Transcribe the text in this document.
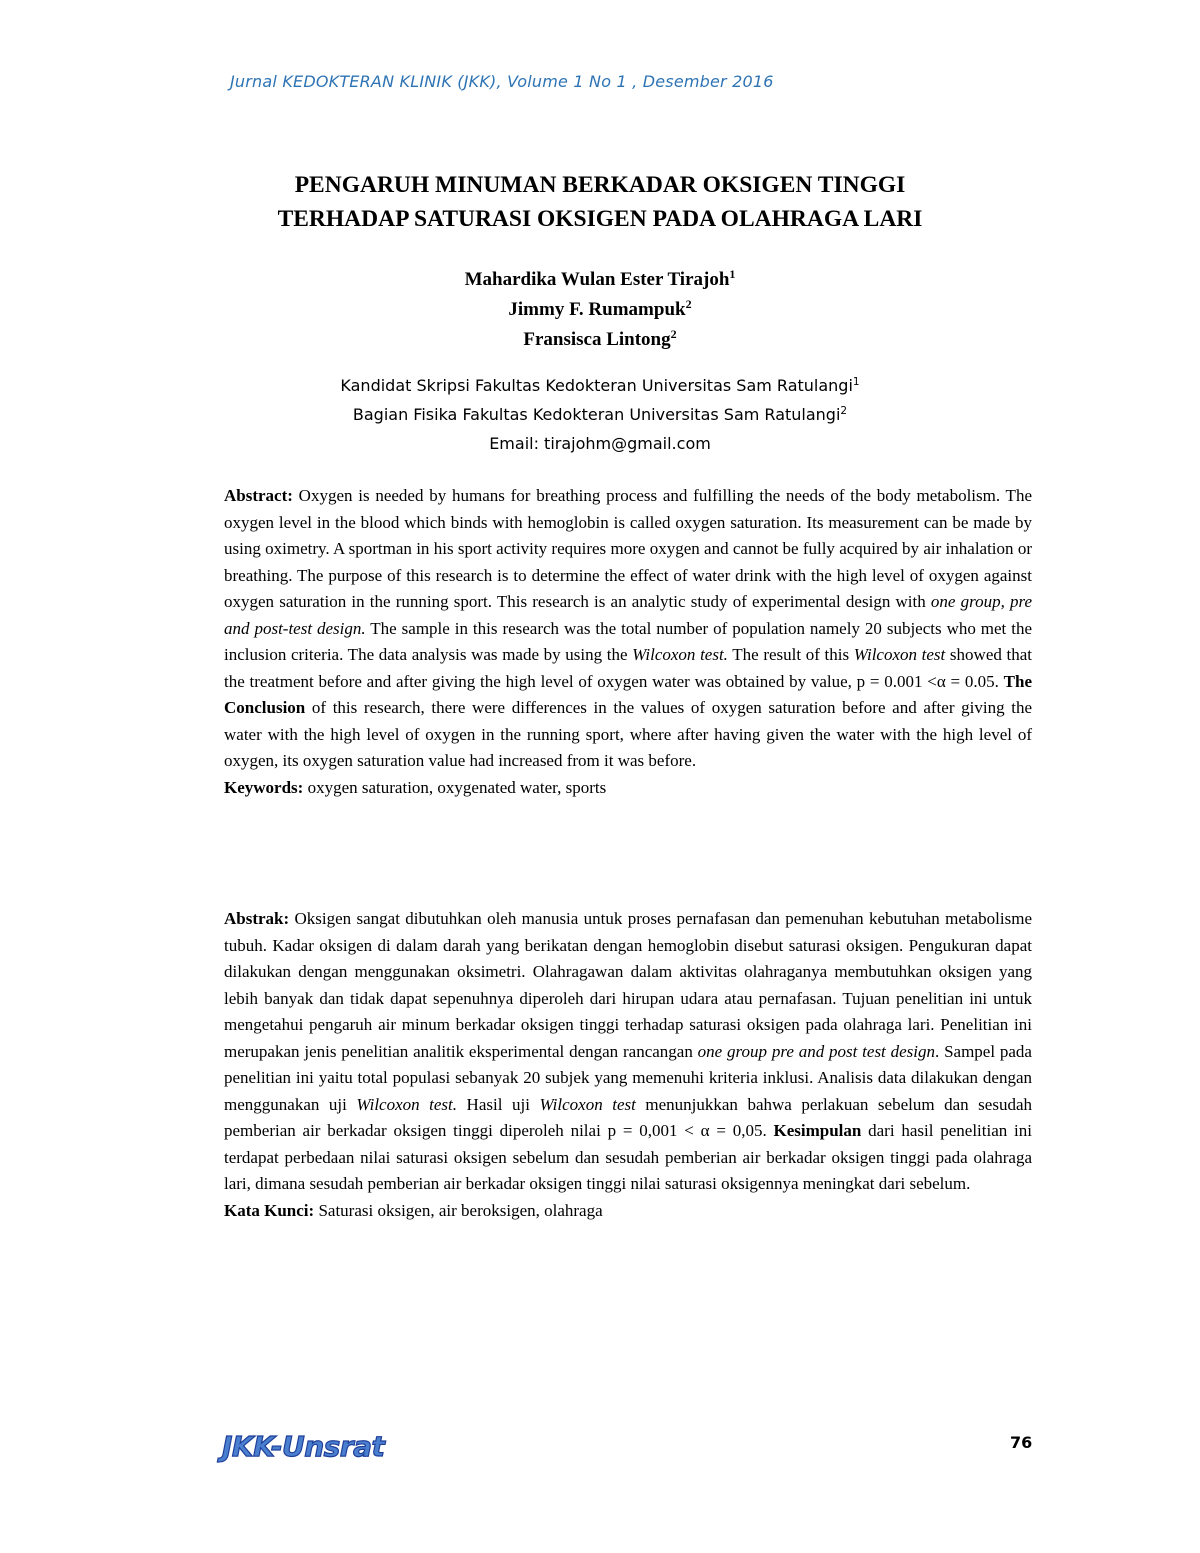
Jurnal KEDOKTERAN KLINIK (JKK), Volume 1 No 1 , Desember 2016
PENGARUH MINUMAN BERKADAR OKSIGEN TINGGI
TERHADAP SATURASI OKSIGEN PADA OLAHRAGA LARI
Mahardika Wulan Ester Tirajoh$^1$
Jimmy F. Rumampuk$^2$
Fransisca Lintong$^2$
Kandidat Skripsi Fakultas Kedokteran Universitas Sam Ratulangi$^1$
Bagian Fisika Fakultas Kedokteran Universitas Sam Ratulangi$^2$
Email: tirajohm@gmail.com

Abstract: Oxygen is needed by humans for breathing process and fulfilling the needs of the body metabolism. The oxygen level in the blood which binds with hemoglobin is called oxygen saturation. Its measurement can be made by using oximetry. A sportman in his sport activity requires more oxygen and cannot be fully acquired by air inhalation or breathing. The purpose of this research is to determine the effect of water drink with the high level of oxygen against oxygen saturation in the running sport. This research is an analytic study of experimental design with one group, pre and post-test design. The sample in this research was the total number of population namely 20 subjects who met the inclusion criteria. The data analysis was made by using the Wilcoxon test. The result of this Wilcoxon test showed that the treatment before and after giving the high level of oxygen water was obtained by value, p = 0.001 <α = 0.05. The Conclusion of this research, there were differences in the values of oxygen saturation before and after giving the water with the high level of oxygen in the running sport, where after having given the water with the high level of oxygen, its oxygen saturation value had increased from it was before.

Keywords: oxygen saturation, oxygenated water, sports

Abstrak: Oksigen sangat dibutuhkan oleh manusia untuk proses pernafasan dan pemenuhan kebutuhan metabolisme tubuh. Kadar oksigen di dalam darah yang berikatan dengan hemoglobin disebut saturasi oksigen. Pengukuran dapat dilakukan dengan menggunakan oksimetri. Olahragawan dalam aktivitas olahraganya membutuhkan oksigen yang lebih banyak dan tidak dapat sepenuhnya diperoleh dari hirupan udara atau pernafasan. Tujuan penelitian ini untuk mengetahui pengaruh air minum berkadar oksigen tinggi terhadap saturasi oksigen pada olahraga lari. Penelitian ini merupakan jenis penelitian analitik eksperimental dengan rancangan one group pre and post test design. Sampel pada penelitian ini yaitu total populasi sebanyak 20 subjek yang memenuhi kriteria inklusi. Analisis data dilakukan dengan menggunakan uji Wilcoxon test. Hasil uji Wilcoxon test menunjukkan bahwa perlakuan sebelum dan sesudah pemberian air berkadar oksigen tinggi diperoleh nilai p = 0,001 < α = 0,05. Kesimpulan dari hasil penelitian ini terdapat perbedaan nilai saturasi oksigen sebelum dan sesudah pemberian air berkadar oksigen tinggi pada olahraga lari, dimana sesudah pemberian air berkadar oksigen tinggi nilai saturasi oksigennya meningkat dari sebelum.

Kata Kunci: Saturasi oksigen, air beroksigen, olahraga

JKK-Unsrat	76
